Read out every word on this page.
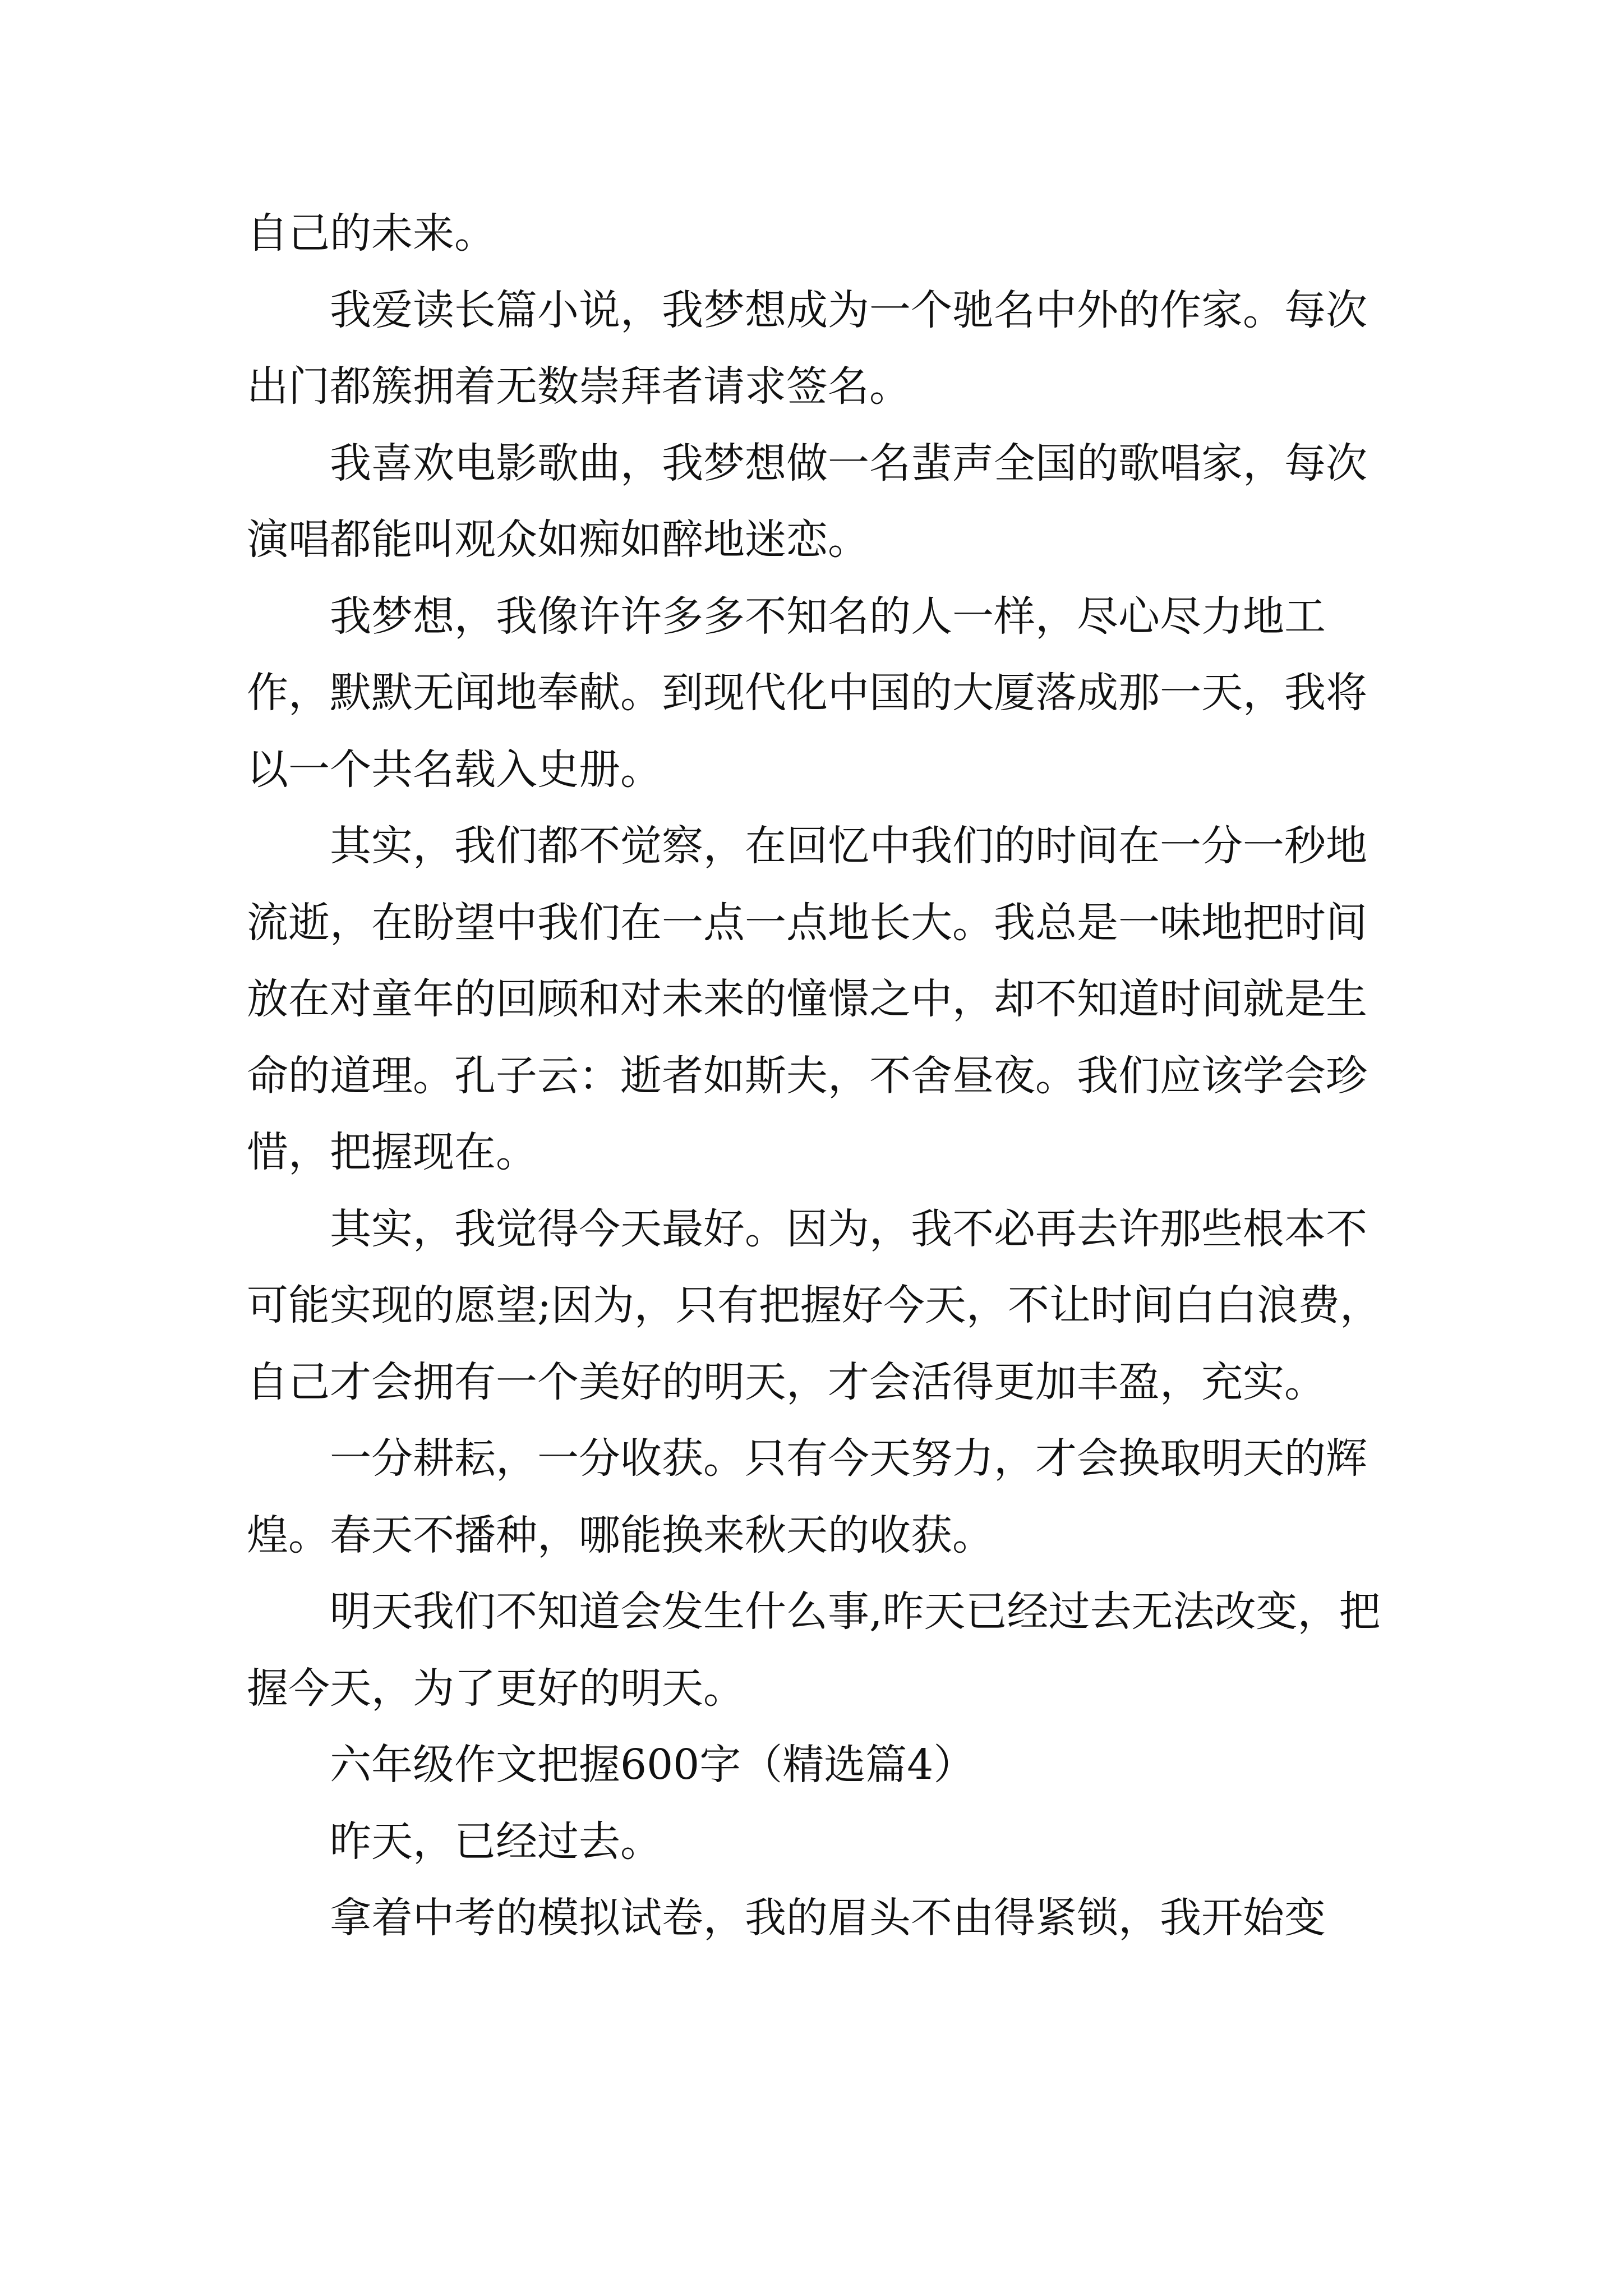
自己的未来。

我爱读长篇小说，我梦想成为一个驰名中外的作家。每次出门都簇拥着无数崇拜者请求签名。

我喜欢电影歌曲，我梦想做一名蜚声全国的歌唱家，每次演唱都能叫观众如痴如醉地迷恋。

我梦想，我像许许多多不知名的人一样，尽心尽力地工作，默默无闻地奉献。到现代化中国的大厦落成那一天，我将以一个共名载入史册。

其实，我们都不觉察，在回忆中我们的时间在一分一秒地流逝，在盼望中我们在一点一点地长大。我总是一味地把时间放在对童年的回顾和对未来的憧憬之中，却不知道时间就是生命的道理。孔子云：逝者如斯夫，不舍昼夜。我们应该学会珍惜，把握现在。

其实，我觉得今天最好。因为，我不必再去许那些根本不可能实现的愿望;因为，只有把握好今天，不让时间白白浪费，自己才会拥有一个美好的明天，才会活得更加丰盈，充实。

一分耕耘，一分收获。只有今天努力，才会换取明天的辉煌。春天不播种，哪能换来秋天的收获。

明天我们不知道会发生什么事,昨天已经过去无法改变，把握今天，为了更好的明天。

六年级作文把握600字（精选篇4）

昨天，已经过去。

拿着中考的模拟试卷，我的眉头不由得紧锁，我开始变
